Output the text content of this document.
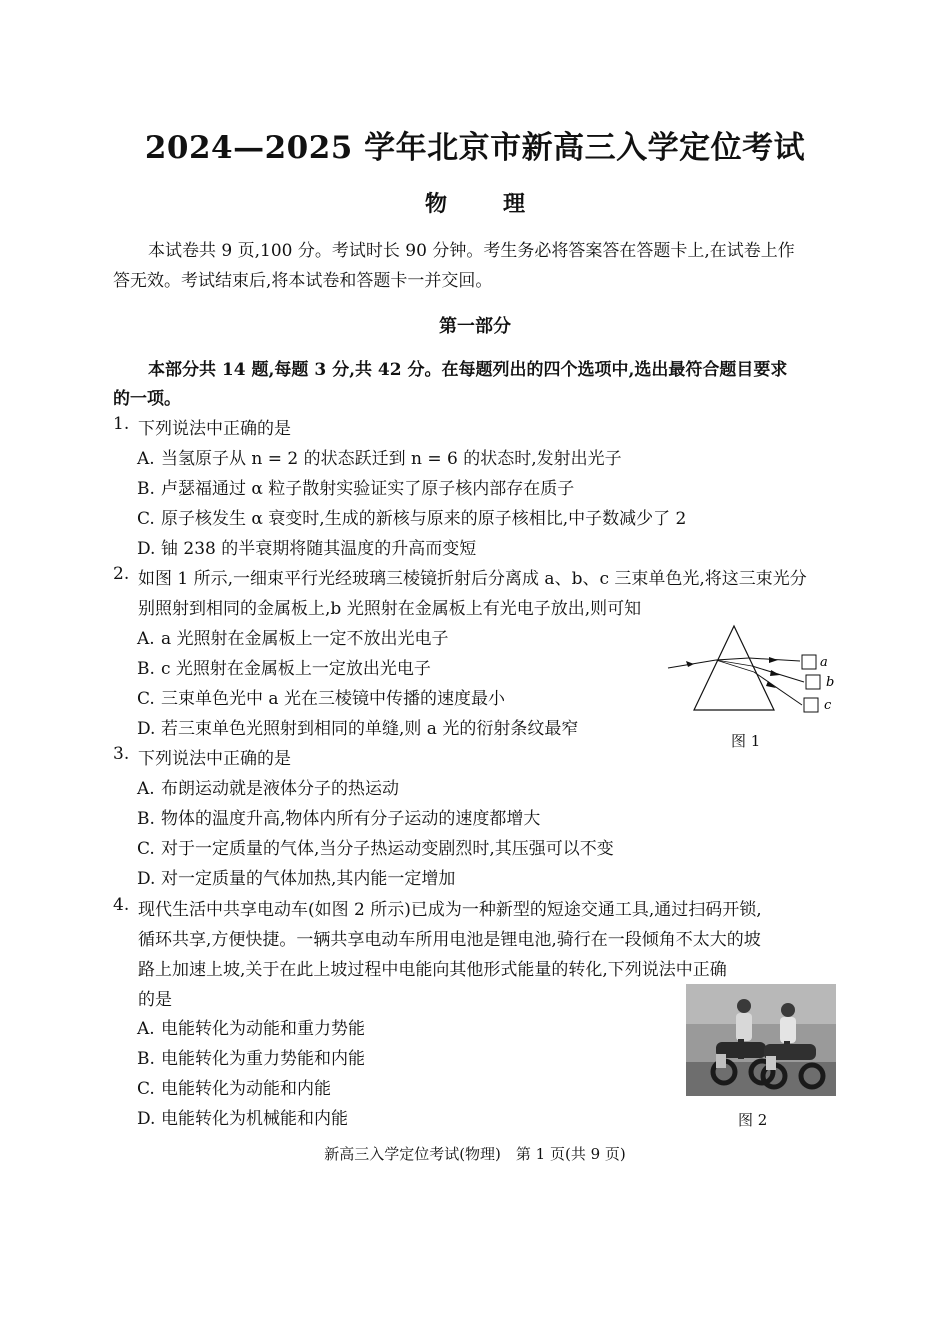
2024—2025 学年北京市新高三入学定位考试
物理
本试卷共 9 页,100 分。考试时长 90 分钟。考生务必将答案答在答题卡上,在试卷上作
答无效。考试结束后,将本试卷和答题卡一并交回。
第一部分
本部分共 14 题,每题 3 分,共 42 分。在每题列出的四个选项中,选出最符合题目要求
的一项。
1. 下列说法中正确的是
A. 当氢原子从 n = 2 的状态跃迁到 n = 6 的状态时,发射出光子
B. 卢瑟福通过 α 粒子散射实验证实了原子核内部存在质子
C. 原子核发生 α 衰变时,生成的新核与原来的原子核相比,中子数减少了 2
D. 铀 238 的半衰期将随其温度的升高而变短
2. 如图 1 所示,一细束平行光经玻璃三棱镜折射后分离成 a、b、c 三束单色光,将这三束光分
别照射到相同的金属板上,b 光照射在金属板上有光电子放出,则可知
A. a 光照射在金属板上一定不放出光电子
B. c 光照射在金属板上一定放出光电子
C. 三束单色光中 a 光在三棱镜中传播的速度最小
D. 若三束单色光照射到相同的单缝,则 a 光的衍射条纹最窄
a
b
c
图 1
3. 下列说法中正确的是
A. 布朗运动就是液体分子的热运动
B. 物体的温度升高,物体内所有分子运动的速度都增大
C. 对于一定质量的气体,当分子热运动变剧烈时,其压强可以不变
D. 对一定质量的气体加热,其内能一定增加
4. 现代生活中共享电动车(如图 2 所示)已成为一种新型的短途交通工具,通过扫码开锁,
循环共享,方便快捷。一辆共享电动车所用电池是锂电池,骑行在一段倾角不太大的坡
路上加速上坡,关于在此上坡过程中电能向其他形式能量的转化,下列说法中正确
的是
A. 电能转化为动能和重力势能
B. 电能转化为重力势能和内能
C. 电能转化为动能和内能
D. 电能转化为机械能和内能	图 2
新高三入学定位考试(物理)　第 1 页(共 9 页)
